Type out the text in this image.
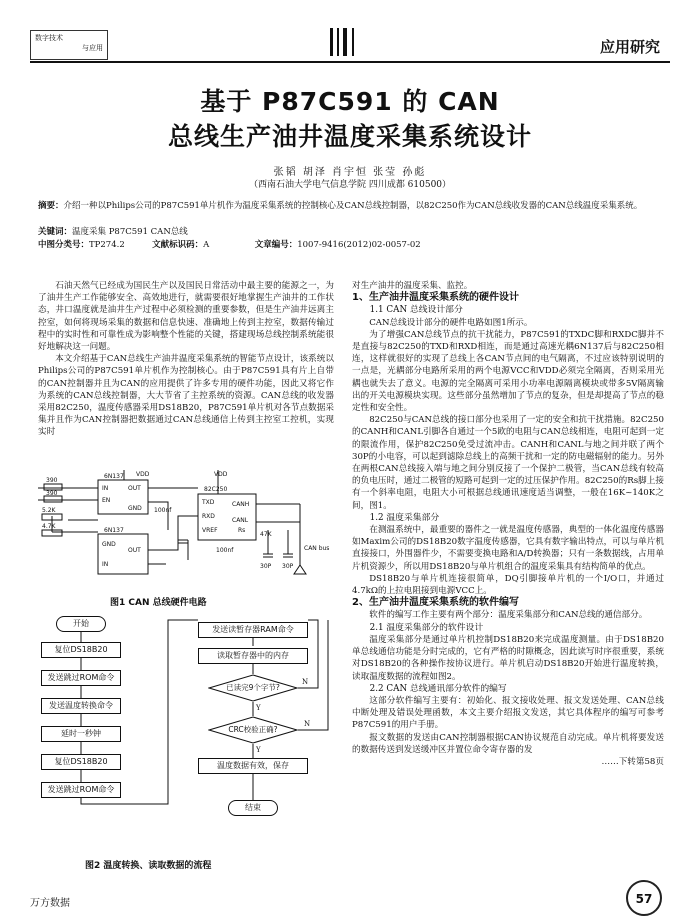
数字技术
与应用	应用研究
基于 P87C591 的 CAN
总线生产油井温度采集系统设计
张韬 胡泽 肖宇恒 张莹 孙彪
（西南石油大学电气信息学院 四川成都 610500）
摘要：介绍一种以Philips公司的P87C591单片机作为温度采集系统的控制核心及CAN总线控制器，以82C250作为CAN总线收发器的CAN总线温度采集系统。
关键词：温度采集 P87C591 CAN总线
中图分类号：TP274.2	文献标识码：A	文章编号：1007-9416(2012)02-0057-02

石油天然气已经成为国民生产以及国民日常活动中最主要的能源之一，为了油井生产工作能够安全、高效地进行，就需要很好地掌握生产油井的工作状态，井口温度就是油井生产过程中必须检测的重要参数，但是生产油井远离主控室，如何将现场采集的数据和信息快速、准确地上传到主控室，数据传输过程中的实时性和可靠性成为影响整个性能的关键，搭建现场总线控制系统能很好地解决这一问题。

本文介绍基于CAN总线生产油井温度采集系统的智能节点设计，该系统以Philips公司的P87C591单片机作为控制核心。由于P87C591具有片上自带的CAN控制器并且为CAN的应用提供了许多专用的硬件功能，因此又将它作为系统的CAN总线控制器，大大节省了主控系统的资源。CAN总线的收发器采用82C250，温度传感器采用DS18B20，P87C591单片机对各节点数据采集并且作为CAN控制器把数据通过CAN总线通信上传到主控室工控机，实现实时

6N137
6N137
82C250
VDD	VDD
390
390
5.2K
4.7K
100nf
100nf
47K
30P 30P
CAN bus
IN
EN
OUT
GND
GND
OUT
IN
TXD
RXD
VREF	Rs
CANH
CANL
图1 CAN 总线硬件电路
开始
复位DS18B20
发送跳过ROM命令
发送温度转换命令
延时一秒钟
复位DS18B20
发送跳过ROM命令
发送读暂存器RAM命令
读取暂存器中的内存
已读完9个字节?
CRC校验正确?
温度数据有效，保存
结束
Y
Y
N
N
图2 温度转换、读取数据的流程
对生产油井的温度采集、监控。
1、生产油井温度采集系统的硬件设计

1.1 CAN 总线设计部分

CAN总线设计部分的硬件电路如图1所示。

为了增强CAN总线节点的抗干扰能力，P87C591的TXDC脚和RXDC脚并不是直接与82C250的TXD和RXD相连，而是通过高速光耦6N137后与82C250相连，这样就很好的实现了总线上各CAN节点间的电气隔离，不过应该特别说明的一点是，光耦部分电路所采用的两个电源VCC和VDD必须完全隔离，否则采用光耦也就失去了意义。电源的完全隔离可采用小功率电源隔离模块或带多5V隔离输出的开关电源模块实现。这些部分虽然增加了节点的复杂，但是却提高了节点的稳定性和安全性。

82C250与CAN总线的接口部分也采用了一定的安全和抗干扰措施。82C250的CANH和CANL引脚各自通过一个5欧的电阻与CAN总线相连，电阻可起到一定的限流作用，保护82C250免受过流冲击。CANH和CANL与地之间并联了两个30P的小电容，可以起到滤除总线上的高频干扰和一定的防电磁辐射的能力。另外在两根CAN总线接入端与地之间分别反接了一个保护二极管，当CAN总线有较高的负电压时，通过二极管的短路可起到一定的过压保护作用。82C250的Rs脚上接有一个斜率电阻，电阻大小可根据总线通讯速度适当调整，一般在16K~140K之间，图1。

1.2 温度采集部分

在测温系统中，最重要的器件之一就是温度传感器，典型的一体化温度传感器如Maxim公司的DS18B20数字温度传感器，它具有数字输出特点，可以与单片机直接接口，外围器件少，不需要变换电路和A/D转换器；只有一条数据线，占用单片机资源少，所以用DS18B20与单片机组合的温度采集具有结构简单的优点。

DS18B20与单片机连接很简单，DQ引脚接单片机的一个I/O口，并通过4.7kΩ的上拉电阻接到电源VCC上。

2、生产油井温度采集系统的软件编写

软件的编写工作主要有两个部分：温度采集部分和CAN总线的通信部分。

2.1 温度采集部分的软件设计

温度采集部分是通过单片机控制DS18B20来完成温度测量。由于DS18B20单总线通信功能是分时完成的，它有严格的时隙概念，因此读写时序很重要，系统对DS18B20的各种操作按协议进行。单片机启动DS18B20开始进行温度转换，读取温度数据的流程如图2。

2.2 CAN 总线通讯部分软件的编写

这部分软件编写主要有：初始化、报文接收处理、报文发送处理、CAN总线中断处理及错误处理函数，本文主要介绍报文发送，其它具体程序的编写可参考P87C591的用户手册。

报文数据的发送由CAN控制器根据CAN协议规范自动完成。单片机将要发送的数据传送到发送缓冲区并置位命令寄存器的发

……下转第58页
万方数据	57
